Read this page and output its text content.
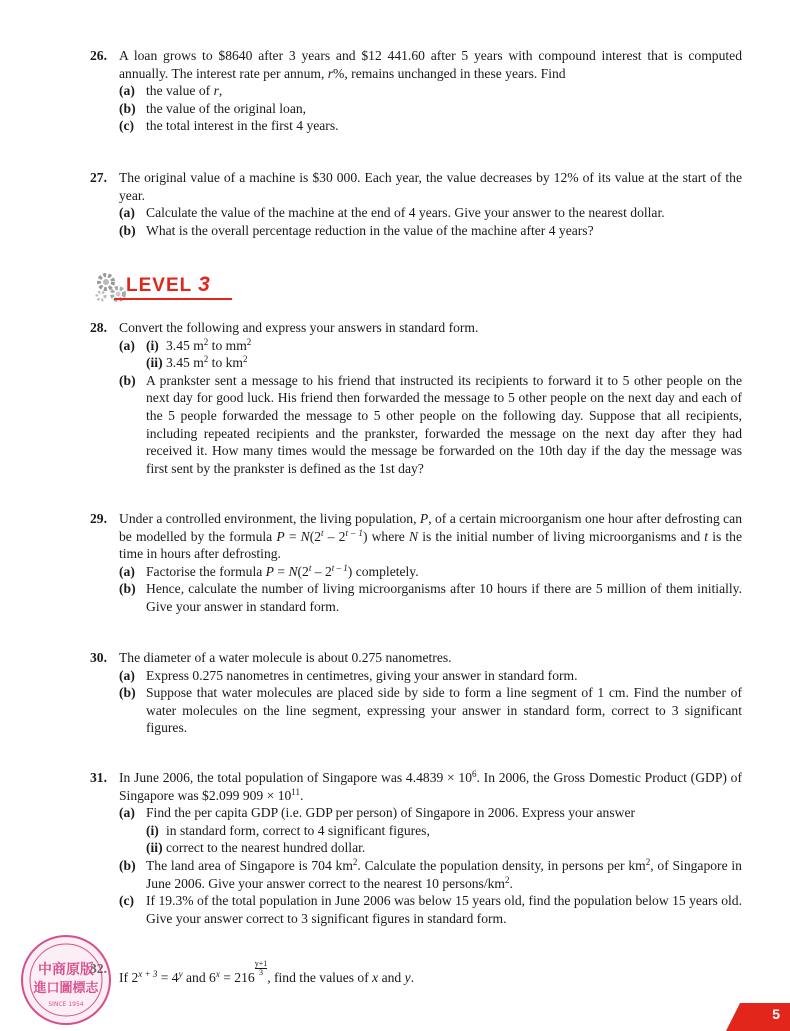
26. A loan grows to $8640 after 3 years and $12 441.60 after 5 years with compound interest that is computed annually. The interest rate per annum, r%, remains unchanged in these years. Find
(a) the value of r,
(b) the value of the original loan,
(c) the total interest in the first 4 years.
27. The original value of a machine is $30 000. Each year, the value decreases by 12% of its value at the start of the year.
(a) Calculate the value of the machine at the end of 4 years. Give your answer to the nearest dollar.
(b) What is the overall percentage reduction in the value of the machine after 4 years?
LEVEL 3
28. Convert the following and express your answers in standard form.
(a) (i) 3.45 $m^2$ to $mm^2$
(ii) 3.45 $m^2$ to $km^2$
(b) A prankster sent a message to his friend that instructed its recipients to forward it to 5 other people on the next day for good luck. His friend then forwarded the message to 5 other people on the next day and each of the 5 people forwarded the message to 5 other people on the following day. Suppose that all recipients, including repeated recipients and the prankster, forwarded the message on the next day after they had received it. How many times would the message be forwarded on the 10th day if the day the message was first sent by the prankster is defined as the 1st day?
29. Under a controlled environment, the living population, P, of a certain microorganism one hour after defrosting can be modelled by the formula $P = N(2^t - 2^{t - 1})$ where N is the initial number of living microorganisms and t is the time in hours after defrosting.
(a) Factorise the formula $P = N(2^t - 2^{t - 1})$ completely.
(b) Hence, calculate the number of living microorganisms after 10 hours if there are 5 million of them initially. Give your answer in standard form.
30. The diameter of a water molecule is about 0.275 nanometres.
(a) Express 0.275 nanometres in centimetres, giving your answer in standard form.
(b) Suppose that water molecules are placed side by side to form a line segment of 1 cm. Find the number of water molecules on the line segment, expressing your answer in standard form, correct to 3 significant figures.
31. In June 2006, the total population of Singapore was $4.4839 \times 10^6$. In 2006, the Gross Domestic Product (GDP) of Singapore was $2.099 $909 \times 10^{11}$.
(a) Find the per capita GDP (i.e. GDP per person) of Singapore in 2006. Express your answer
(i) in standard form, correct to 4 significant figures,
(ii) correct to the nearest hundred dollar.
(b) The land area of Singapore is 704 $km^2$. Calculate the population density, in persons per $km^2$, of Singapore in June 2006. Give your answer correct to the nearest 10 persons/$km^2$.
(c) If 19.3% of the total population in June 2006 was below 15 years old, find the population below 15 years old. Give your answer correct to 3 significant figures in standard form.
32.
If $2^{x + 3} = 4^y$ and $6^x = 216$
$\frac{y+1}{3}$
, find the values of x and y.
中商原版
進口圖標志
SINCE 1954
5
